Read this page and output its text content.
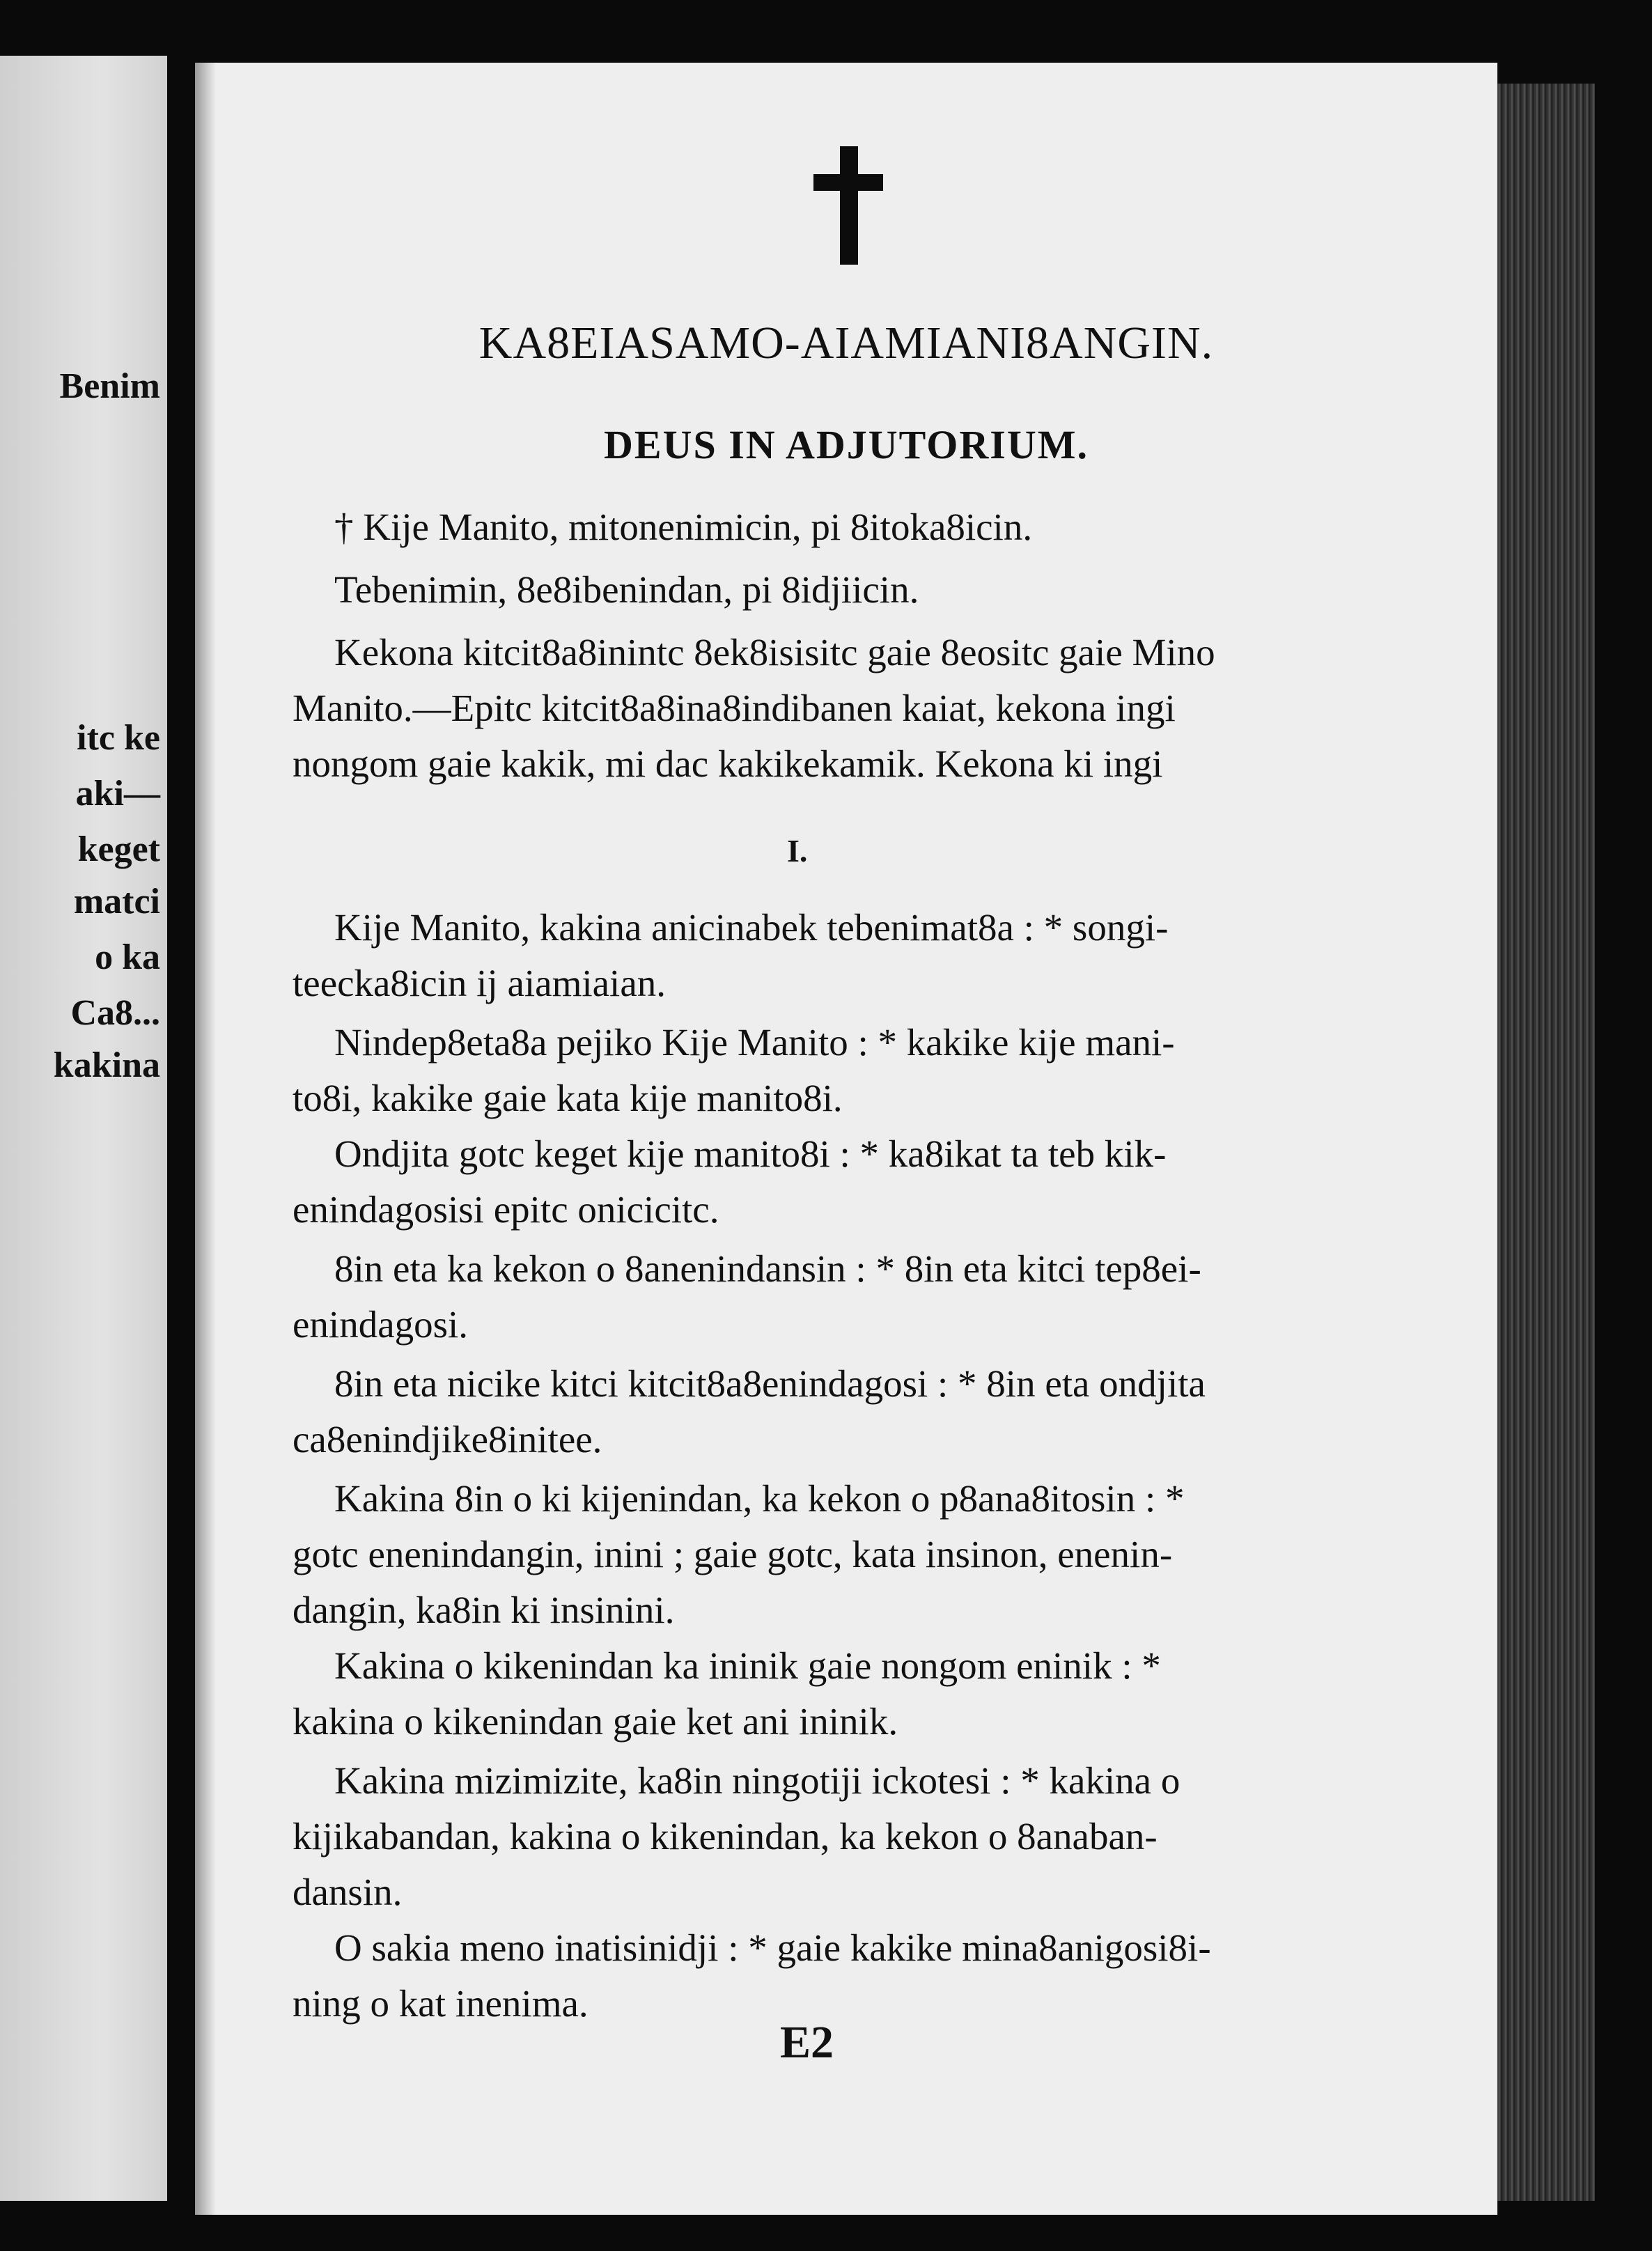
Benim
itc ke
aki—
keget
matci
o ka
Ca8...
kakina
KA8EIASAMO-AIAMIANI8ANGIN.
DEUS IN ADJUTORIUM.
† Kije Manito, mitonenimicin, pi 8itoka8icin.
Tebenimin, 8e8ibenindan, pi 8idjiicin.
Kekona kitcit8a8inintc 8ek8isisitc gaie 8eositc gaie Mino
Manito.—Epitc kitcit8a8ina8indibanen kaiat, kekona ingi
nongom gaie kakik, mi dac kakikekamik. Kekona ki ingi
I.
Kije Manito, kakina anicinabek tebenimat8a : * songi-
teecka8icin ij aiamiaian.
Nindep8eta8a pejiko Kije Manito : * kakike kije mani-
to8i, kakike gaie kata kije manito8i.
Ondjita gotc keget kije manito8i : * ka8ikat ta teb kik-
enindagosisi epitc onicicitc.
8in eta ka kekon o 8anenindansin : * 8in eta kitci tep8ei-
enindagosi.
8in eta nicike kitci kitcit8a8enindagosi : * 8in eta ondjita
ca8enindjike8initee.
Kakina 8in o ki kijenindan, ka kekon o p8ana8itosin : *
gotc enenindangin, inini ; gaie gotc, kata insinon, enenin-
dangin, ka8in ki insinini.
Kakina o kikenindan ka ininik gaie nongom eninik : *
kakina o kikenindan gaie ket ani ininik.
Kakina mizimizite, ka8in ningotiji ickotesi : * kakina o
kijikabandan, kakina o kikenindan, ka kekon o 8anaban-
dansin.
O sakia meno inatisinidji : * gaie kakike mina8anigosi8i-
ning o kat inenima.
E2
